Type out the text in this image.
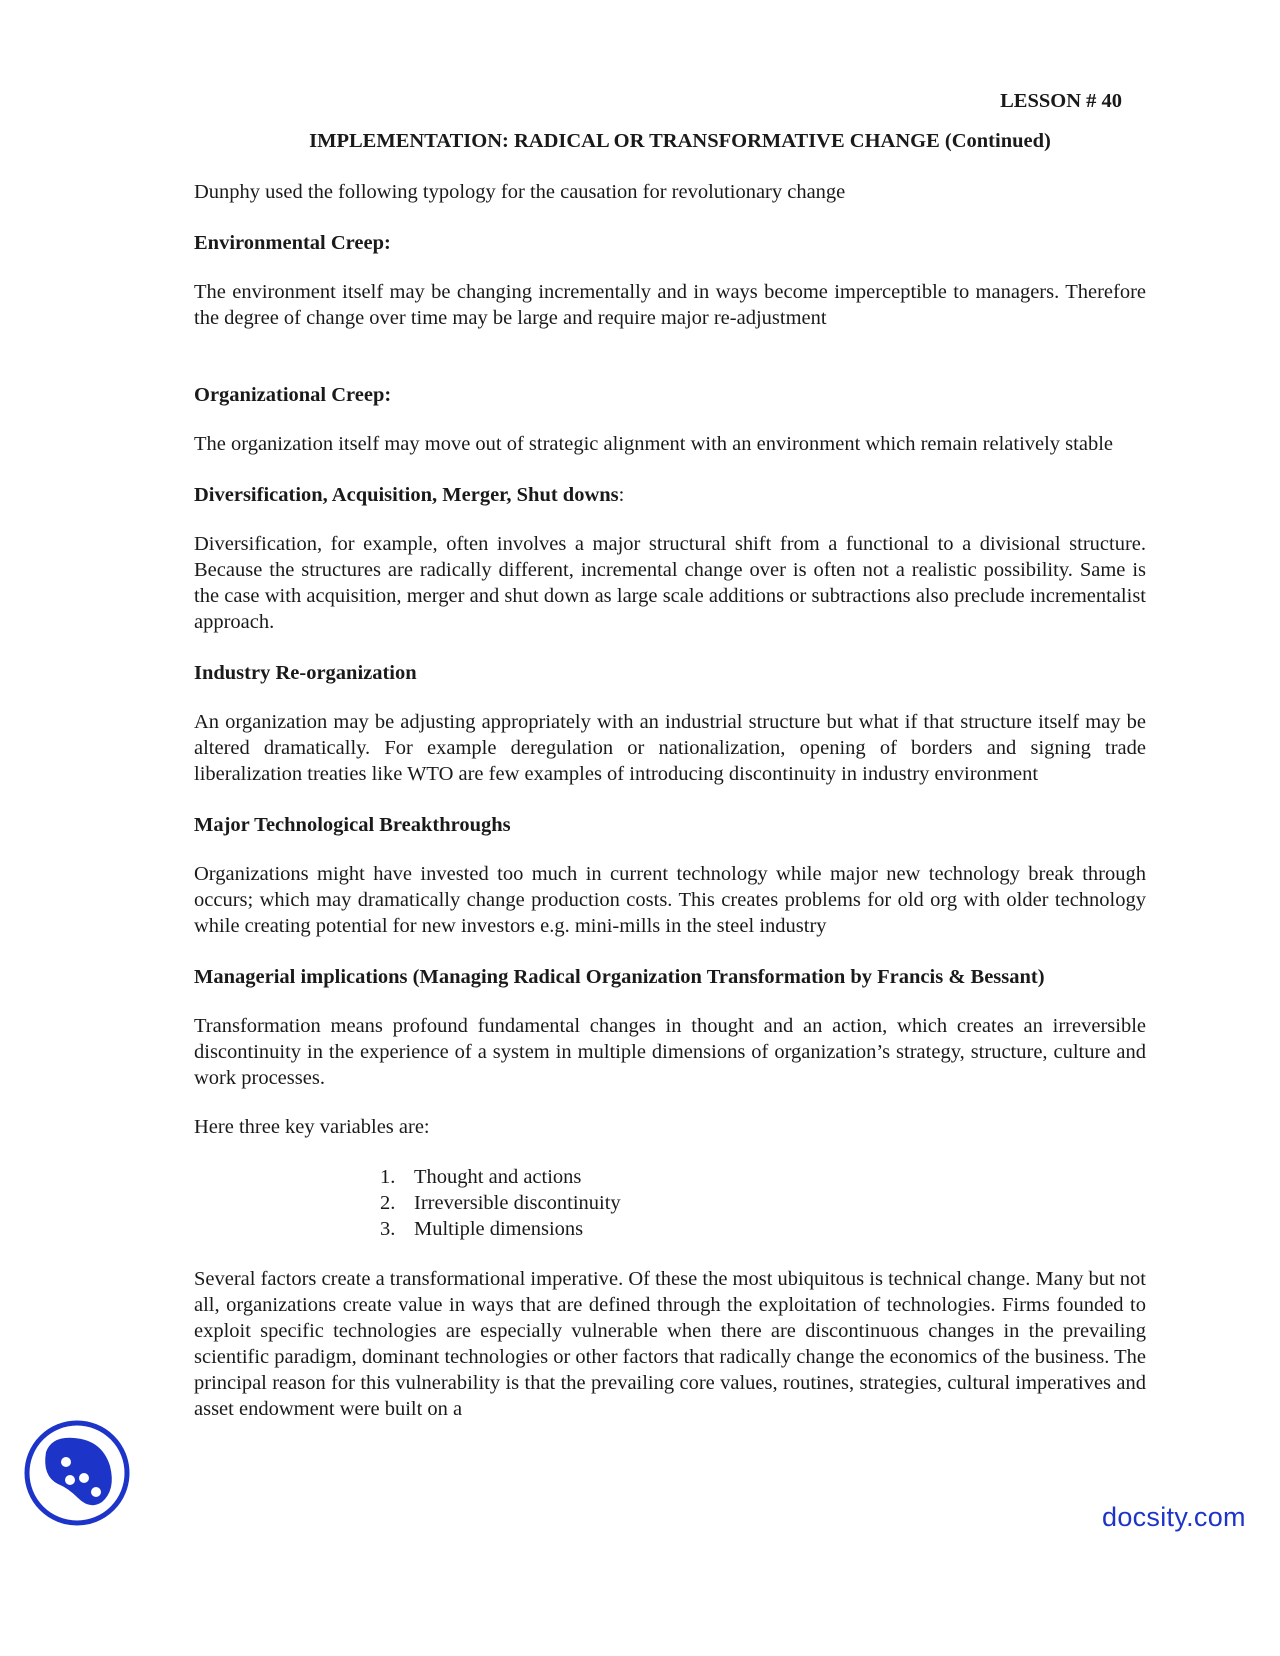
LESSON # 40
IMPLEMENTATION: RADICAL OR TRANSFORMATIVE CHANGE (Continued)

Dunphy used the following typology for the causation for revolutionary change

Environmental Creep:

The environment itself may be changing incrementally and in ways become imperceptible to managers. Therefore the degree of change over time may be large and require major re-adjustment

Organizational Creep:

The organization itself may move out of strategic alignment with an environment which remain relatively stable

Diversification, Acquisition, Merger, Shut downs:

Diversification, for example, often involves a major structural shift from a functional to a divisional structure. Because the structures are radically different, incremental change over is often not a realistic possibility. Same is the case with acquisition, merger and shut down as large scale additions or subtractions also preclude incrementalist approach.

Industry Re-organization

An organization may be adjusting appropriately with an industrial structure but what if that structure itself may be altered dramatically. For example deregulation or nationalization, opening of borders and signing trade liberalization treaties like WTO are few examples of introducing discontinuity in industry environment

Major Technological Breakthroughs

Organizations might have invested too much in current technology while major new technology break through occurs; which may dramatically change production costs. This creates problems for old org with older technology while creating potential for new investors e.g. mini-mills in the steel industry

Managerial implications (Managing Radical Organization Transformation by Francis & Bessant)

Transformation means profound fundamental changes in thought and an action, which creates an irreversible discontinuity in the experience of a system in multiple dimensions of organization’s strategy, structure, culture and work processes.

Here three key variables are:

1. Thought and actions
2. Irreversible discontinuity
3. Multiple dimensions

Several factors create a transformational imperative. Of these the most ubiquitous is technical change. Many but not all, organizations create value in ways that are defined through the exploitation of technologies. Firms founded to exploit specific technologies are especially vulnerable when there are discontinuous changes in the prevailing scientific paradigm, dominant technologies or other factors that radically change the economics of the business. The principal reason for this vulnerability is that the prevailing core values, routines, strategies, cultural imperatives and asset endowment were built on a

docsity.com
